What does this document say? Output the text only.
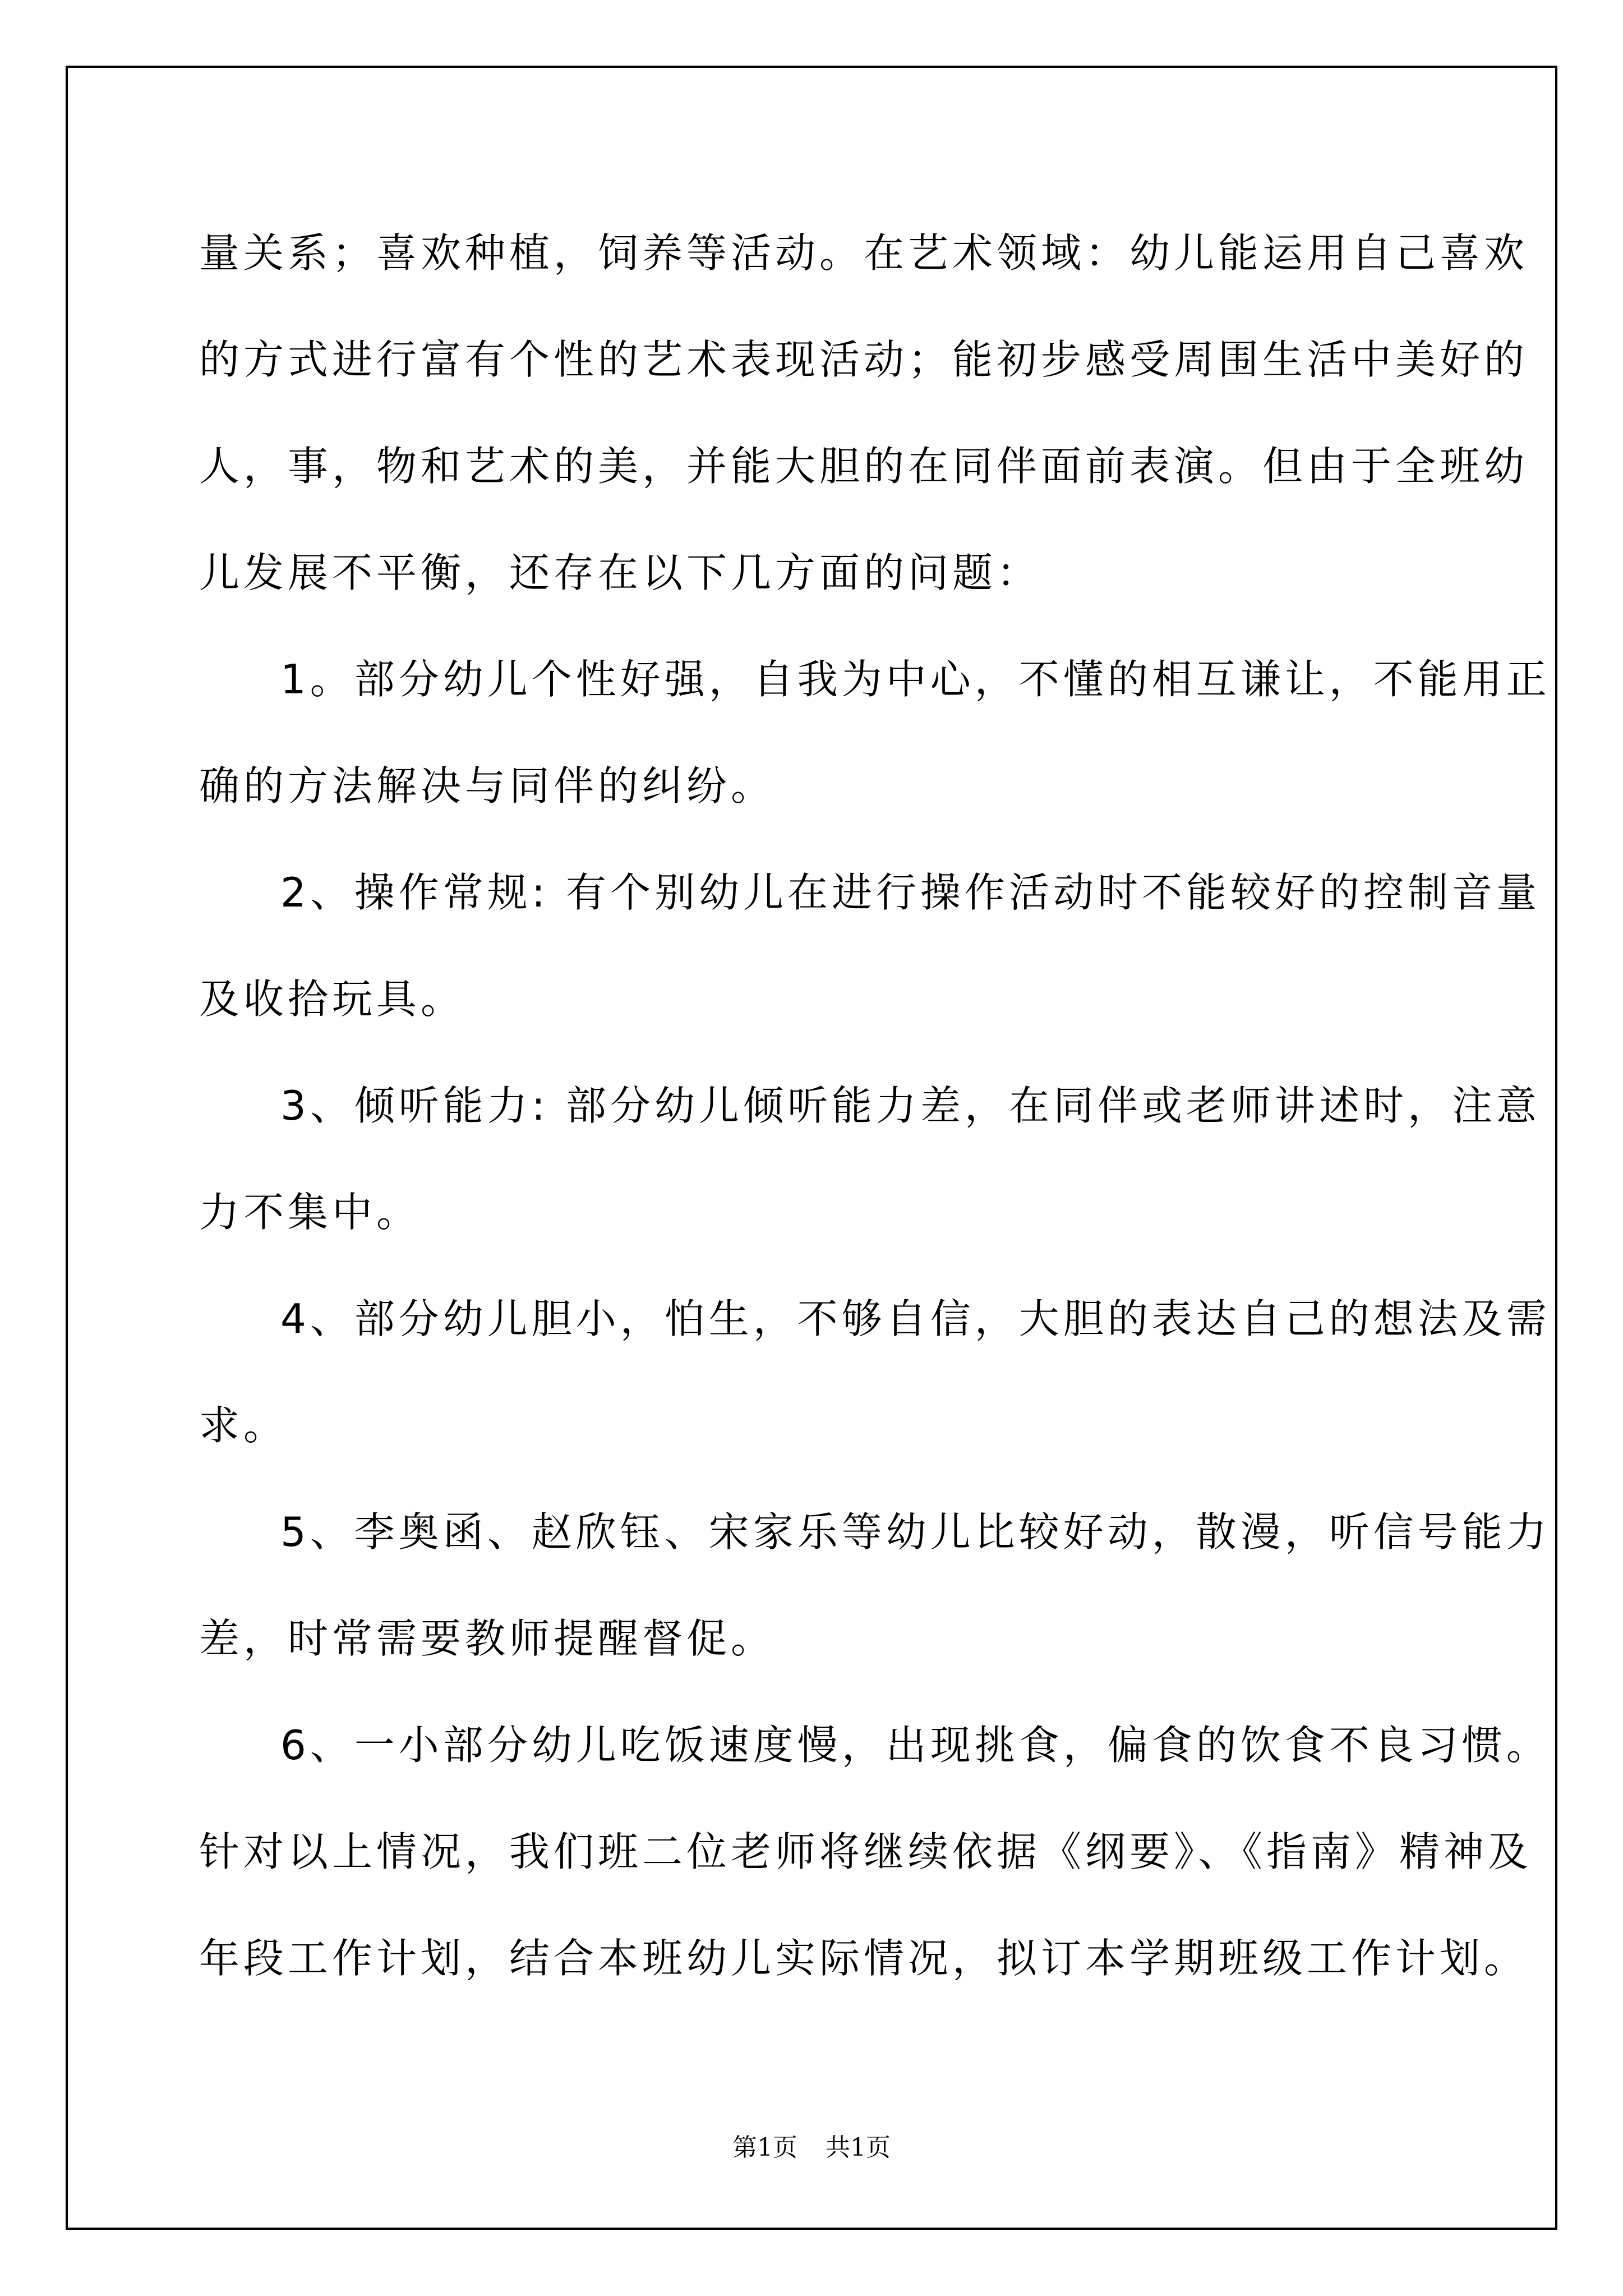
量关系；喜欢种植，饲养等活动。在艺术领域：幼儿能运用自己喜欢
的方式进行富有个性的艺术表现活动；能初步感受周围生活中美好的
人，事，物和艺术的美，并能大胆的在同伴面前表演。但由于全班幼
儿发展不平衡，还存在以下几方面的问题：
1。部分幼儿个性好强，自我为中心，不懂的相互谦让，不能用正
确的方法解决与同伴的纠纷。
2、操作常规: 有个别幼儿在进行操作活动时不能较好的控制音量
及收拾玩具。
3、倾听能力: 部分幼儿倾听能力差，在同伴或老师讲述时，注意
力不集中。
4、部分幼儿胆小，怕生，不够自信，大胆的表达自己的想法及需
求。
5、李奥函、赵欣钰、宋家乐等幼儿比较好动，散漫，听信号能力
差，时常需要教师提醒督促。
6、一小部分幼儿吃饭速度慢，出现挑食，偏食的饮食不良习惯。
针对以上情况，我们班二位老师将继续依据《纲要》、《指南》精神及
年段工作计划，结合本班幼儿实际情况，拟订本学期班级工作计划。
第1页 共1页
